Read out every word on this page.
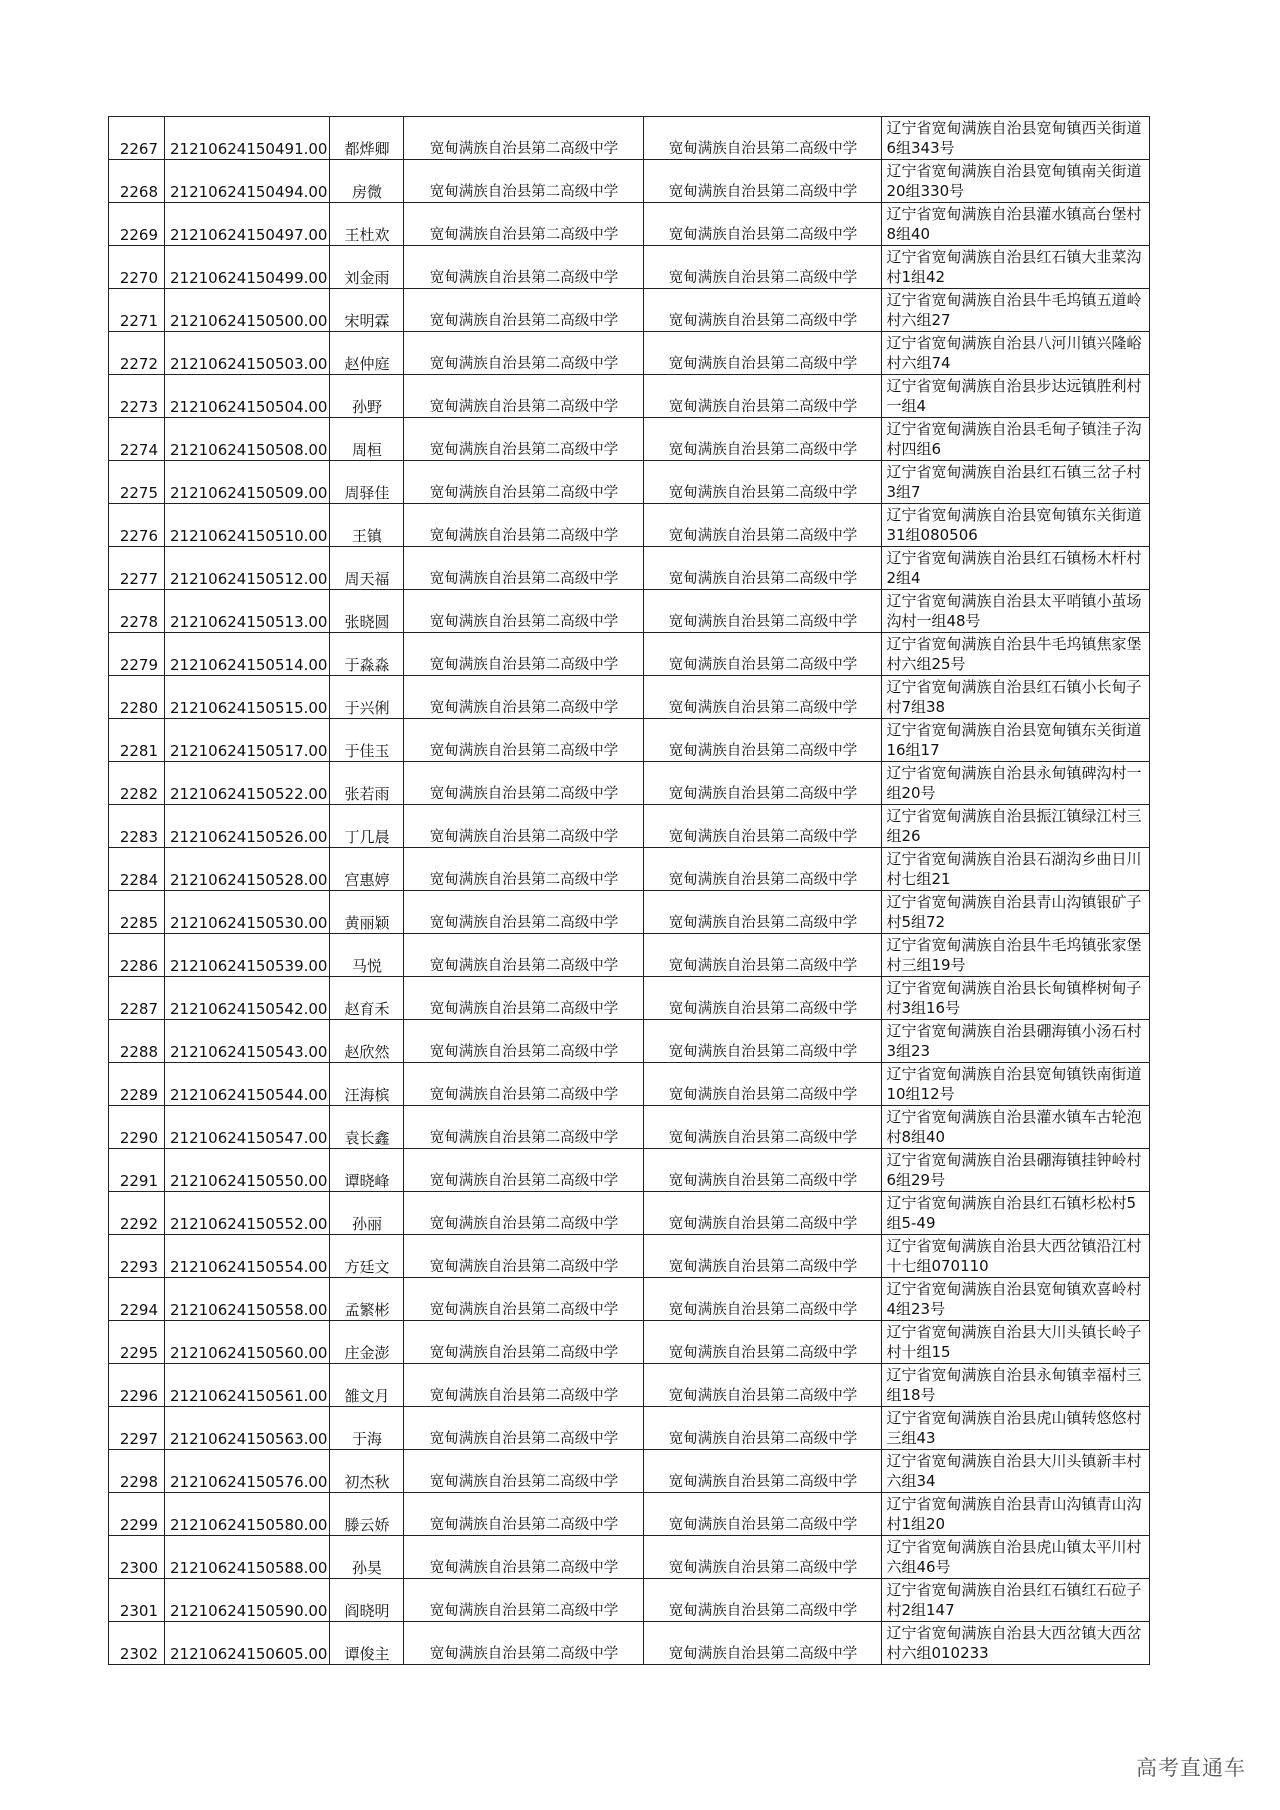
2267	21210624150491.00	都烨卿	宽甸满族自治县第二高级中学	宽甸满族自治县第二高级中学	辽宁省宽甸满族自治县宽甸镇西关街道6组343号
2268	21210624150494.00	房微	宽甸满族自治县第二高级中学	宽甸满族自治县第二高级中学	辽宁省宽甸满族自治县宽甸镇南关街道20组330号
2269	21210624150497.00	王杜欢	宽甸满族自治县第二高级中学	宽甸满族自治县第二高级中学	辽宁省宽甸满族自治县灌水镇高台堡村8组40
2270	21210624150499.00	刘金雨	宽甸满族自治县第二高级中学	宽甸满族自治县第二高级中学	辽宁省宽甸满族自治县红石镇大韭菜沟村1组42
2271	21210624150500.00	宋明霖	宽甸满族自治县第二高级中学	宽甸满族自治县第二高级中学	辽宁省宽甸满族自治县牛毛坞镇五道岭村六组27
2272	21210624150503.00	赵仲庭	宽甸满族自治县第二高级中学	宽甸满族自治县第二高级中学	辽宁省宽甸满族自治县八河川镇兴隆峪村六组74
2273	21210624150504.00	孙野	宽甸满族自治县第二高级中学	宽甸满族自治县第二高级中学	辽宁省宽甸满族自治县步达远镇胜利村一组4
2274	21210624150508.00	周桓	宽甸满族自治县第二高级中学	宽甸满族自治县第二高级中学	辽宁省宽甸满族自治县毛甸子镇洼子沟村四组6
2275	21210624150509.00	周驿佳	宽甸满族自治县第二高级中学	宽甸满族自治县第二高级中学	辽宁省宽甸满族自治县红石镇三岔子村3组7
2276	21210624150510.00	王镇	宽甸满族自治县第二高级中学	宽甸满族自治县第二高级中学	辽宁省宽甸满族自治县宽甸镇东关街道31组080506
2277	21210624150512.00	周天福	宽甸满族自治县第二高级中学	宽甸满族自治县第二高级中学	辽宁省宽甸满族自治县红石镇杨木杆村2组4
2278	21210624150513.00	张晓圆	宽甸满族自治县第二高级中学	宽甸满族自治县第二高级中学	辽宁省宽甸满族自治县太平哨镇小茧场沟村一组48号
2279	21210624150514.00	于淼淼	宽甸满族自治县第二高级中学	宽甸满族自治县第二高级中学	辽宁省宽甸满族自治县牛毛坞镇焦家堡村六组25号
2280	21210624150515.00	于兴俐	宽甸满族自治县第二高级中学	宽甸满族自治县第二高级中学	辽宁省宽甸满族自治县红石镇小长甸子村7组38
2281	21210624150517.00	于佳玉	宽甸满族自治县第二高级中学	宽甸满族自治县第二高级中学	辽宁省宽甸满族自治县宽甸镇东关街道16组17
2282	21210624150522.00	张若雨	宽甸满族自治县第二高级中学	宽甸满族自治县第二高级中学	辽宁省宽甸满族自治县永甸镇碑沟村一组20号
2283	21210624150526.00	丁几晨	宽甸满族自治县第二高级中学	宽甸满族自治县第二高级中学	辽宁省宽甸满族自治县振江镇绿江村三组26
2284	21210624150528.00	宫惠婷	宽甸满族自治县第二高级中学	宽甸满族自治县第二高级中学	辽宁省宽甸满族自治县石湖沟乡曲日川村七组21
2285	21210624150530.00	黄丽颖	宽甸满族自治县第二高级中学	宽甸满族自治县第二高级中学	辽宁省宽甸满族自治县青山沟镇银矿子村5组72
2286	21210624150539.00	马悦	宽甸满族自治县第二高级中学	宽甸满族自治县第二高级中学	辽宁省宽甸满族自治县牛毛坞镇张家堡村三组19号
2287	21210624150542.00	赵育禾	宽甸满族自治县第二高级中学	宽甸满族自治县第二高级中学	辽宁省宽甸满族自治县长甸镇桦树甸子村3组16号
2288	21210624150543.00	赵欣然	宽甸满族自治县第二高级中学	宽甸满族自治县第二高级中学	辽宁省宽甸满族自治县硼海镇小汤石村3组23
2289	21210624150544.00	汪海槟	宽甸满族自治县第二高级中学	宽甸满族自治县第二高级中学	辽宁省宽甸满族自治县宽甸镇铁南街道10组12号
2290	21210624150547.00	袁长鑫	宽甸满族自治县第二高级中学	宽甸满族自治县第二高级中学	辽宁省宽甸满族自治县灌水镇车古轮泡村8组40
2291	21210624150550.00	谭晓峰	宽甸满族自治县第二高级中学	宽甸满族自治县第二高级中学	辽宁省宽甸满族自治县硼海镇挂钟岭村6组29号
2292	21210624150552.00	孙丽	宽甸满族自治县第二高级中学	宽甸满族自治县第二高级中学	辽宁省宽甸满族自治县红石镇杉松村5组5-49
2293	21210624150554.00	方廷文	宽甸满族自治县第二高级中学	宽甸满族自治县第二高级中学	辽宁省宽甸满族自治县大西岔镇沿江村十七组070110
2294	21210624150558.00	孟繁彬	宽甸满族自治县第二高级中学	宽甸满族自治县第二高级中学	辽宁省宽甸满族自治县宽甸镇欢喜岭村4组23号
2295	21210624150560.00	庄金澎	宽甸满族自治县第二高级中学	宽甸满族自治县第二高级中学	辽宁省宽甸满族自治县大川头镇长岭子村十组15
2296	21210624150561.00	雒文月	宽甸满族自治县第二高级中学	宽甸满族自治县第二高级中学	辽宁省宽甸满族自治县永甸镇幸福村三组18号
2297	21210624150563.00	于海	宽甸满族自治县第二高级中学	宽甸满族自治县第二高级中学	辽宁省宽甸满族自治县虎山镇转悠悠村三组43
2298	21210624150576.00	初杰秋	宽甸满族自治县第二高级中学	宽甸满族自治县第二高级中学	辽宁省宽甸满族自治县大川头镇新丰村六组34
2299	21210624150580.00	滕云娇	宽甸满族自治县第二高级中学	宽甸满族自治县第二高级中学	辽宁省宽甸满族自治县青山沟镇青山沟村1组20
2300	21210624150588.00	孙昊	宽甸满族自治县第二高级中学	宽甸满族自治县第二高级中学	辽宁省宽甸满族自治县虎山镇太平川村六组46号
2301	21210624150590.00	阎晓明	宽甸满族自治县第二高级中学	宽甸满族自治县第二高级中学	辽宁省宽甸满族自治县红石镇红石砬子村2组147
2302	21210624150605.00	谭俊主	宽甸满族自治县第二高级中学	宽甸满族自治县第二高级中学	辽宁省宽甸满族自治县大西岔镇大西岔村六组010233
高考直通车
